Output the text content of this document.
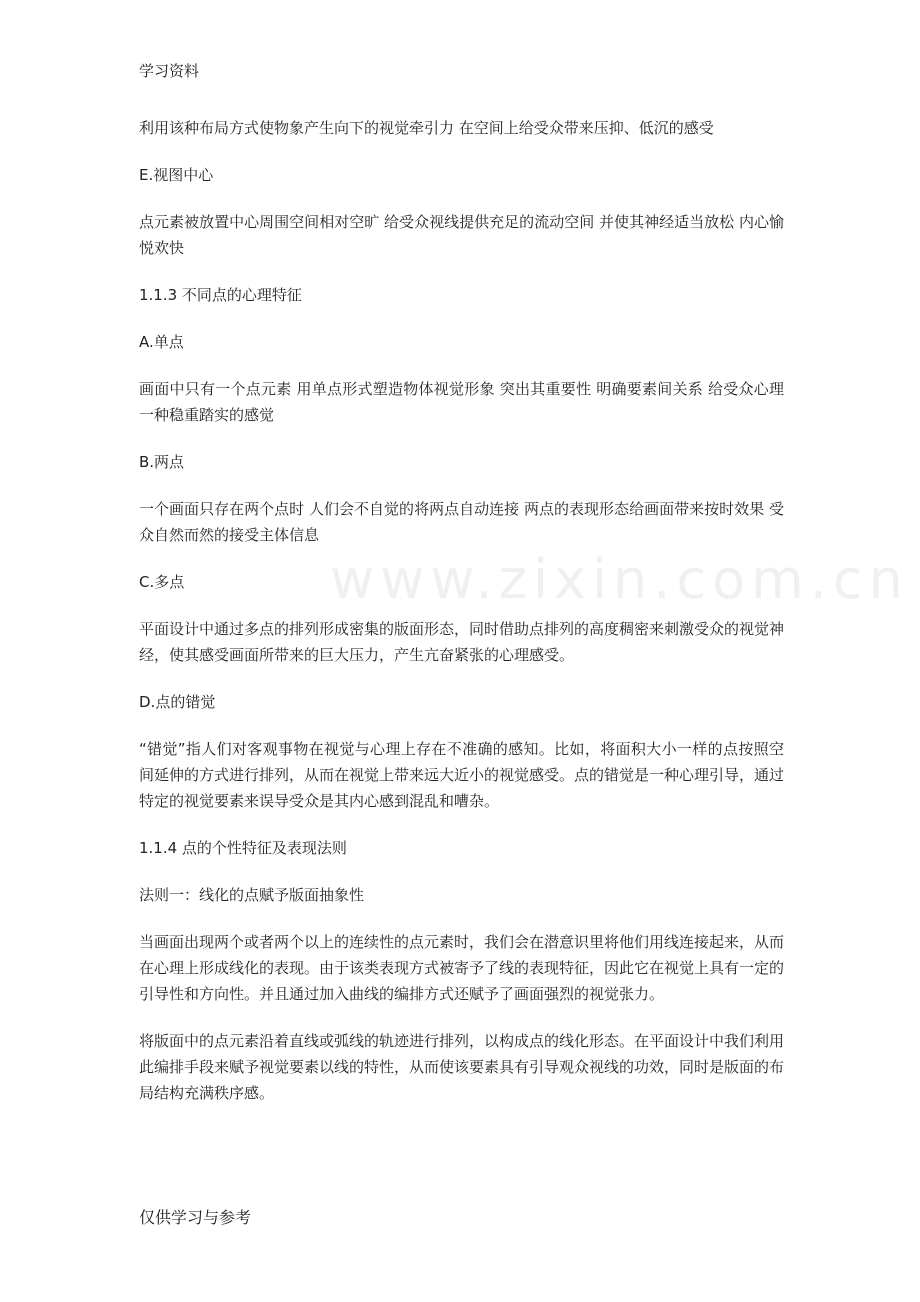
www.zixin.com.cn
学习资料

利用该种布局方式使物象产生向下的视觉牵引力 在空间上给受众带来压抑、低沉的感受

E.视图中心

点元素被放置中心周围空间相对空旷 给受众视线提供充足的流动空间 并使其神经适当放松 内心愉悦欢快

1.1.3 不同点的心理特征

A.单点

画面中只有一个点元素 用单点形式塑造物体视觉形象 突出其重要性 明确要素间关系 给受众心理一种稳重踏实的感觉

B.两点

一个画面只存在两个点时 人们会不自觉的将两点自动连接 两点的表现形态给画面带来按时效果 受众自然而然的接受主体信息

C.多点

平面设计中通过多点的排列形成密集的版面形态，同时借助点排列的高度稠密来刺激受众的视觉神经，使其感受画面所带来的巨大压力，产生亢奋紧张的心理感受。

D.点的错觉

“错觉”指人们对客观事物在视觉与心理上存在不准确的感知。比如，将面积大小一样的点按照空间延伸的方式进行排列，从而在视觉上带来远大近小的视觉感受。点的错觉是一种心理引导，通过特定的视觉要素来误导受众是其内心感到混乱和嘈杂。

1.1.4 点的个性特征及表现法则

法则一：线化的点赋予版面抽象性

当画面出现两个或者两个以上的连续性的点元素时，我们会在潜意识里将他们用线连接起来，从而在心理上形成线化的表现。由于该类表现方式被寄予了线的表现特征，因此它在视觉上具有一定的引导性和方向性。并且通过加入曲线的编排方式还赋予了画面强烈的视觉张力。

将版面中的点元素沿着直线或弧线的轨迹进行排列，以构成点的线化形态。在平面设计中我们利用此编排手段来赋予视觉要素以线的特性，从而使该要素具有引导观众视线的功效，同时是版面的布局结构充满秩序感。

仅供学习与参考
